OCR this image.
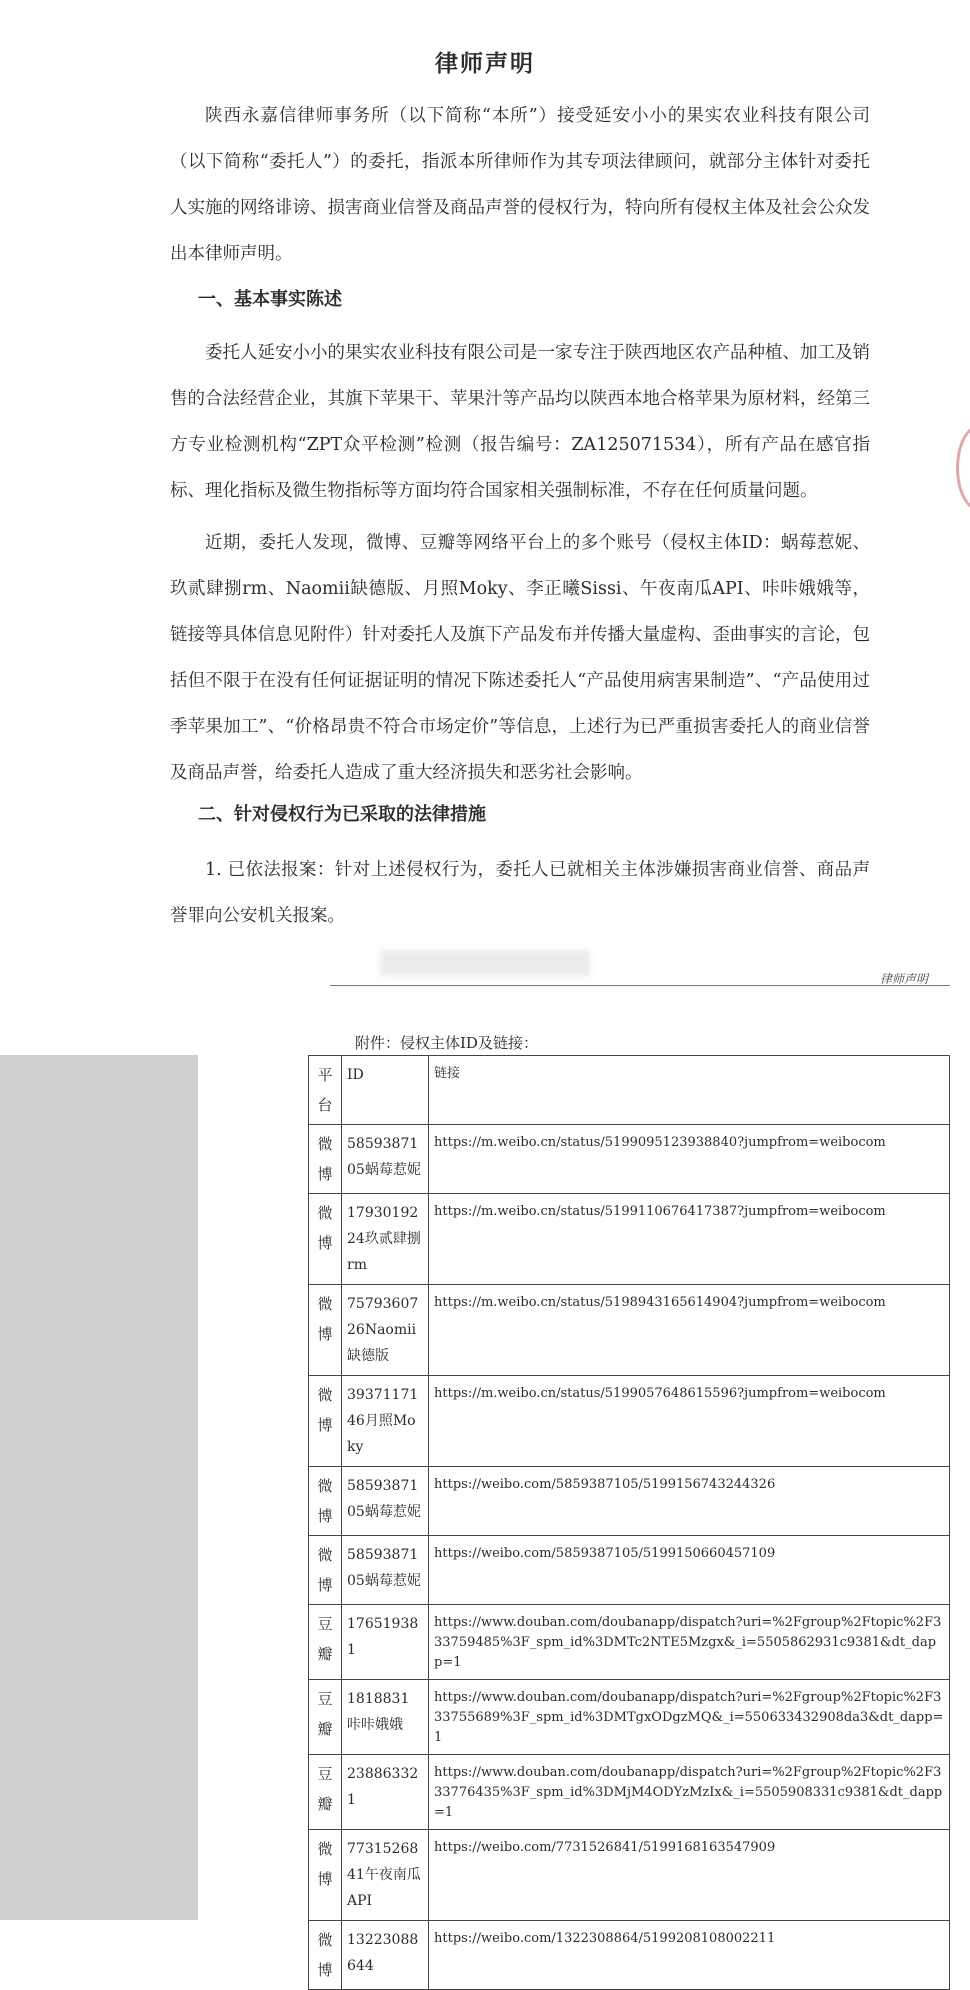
律师声明

陕西永嘉信律师事务所（以下简称“本所”）接受延安小小的果实农业科技有限公司（以下简称“委托人”）的委托，指派本所律师作为其专项法律顾问，就部分主体针对委托人实施的网络诽谤、损害商业信誉及商品声誉的侵权行为，特向所有侵权主体及社会公众发出本律师声明。

一、基本事实陈述

委托人延安小小的果实农业科技有限公司是一家专注于陕西地区农产品种植、加工及销售的合法经营企业，其旗下苹果干、苹果汁等产品均以陕西本地合格苹果为原材料，经第三方专业检测机构“ZPT众平检测”检测（报告编号：ZA125071534），所有产品在感官指标、理化指标及微生物指标等方面均符合国家相关强制标准，不存在任何质量问题。

近期，委托人发现，微博、豆瓣等网络平台上的多个账号（侵权主体ID：蜗莓惹妮、玖贰肆捌rm、Naomii缺德版、月照Moky、李正曦Sissi、午夜南瓜API、咔咔娥娥等，链接等具体信息见附件）针对委托人及旗下产品发布并传播大量虚构、歪曲事实的言论，包括但不限于在没有任何证据证明的情况下陈述委托人“产品使用病害果制造”、“产品使用过季苹果加工”、“价格昂贵不符合市场定价”等信息，上述行为已严重损害委托人的商业信誉及商品声誉，给委托人造成了重大经济损失和恶劣社会影响。

二、针对侵权行为已采取的法律措施

1. 已依法报案：针对上述侵权行为，委托人已就相关主体涉嫌损害商业信誉、商品声誉罪向公安机关报案。

律师声明
附件：侵权主体ID及链接：
平台	ID	链接
微博	5859387105蜗莓惹妮	https://m.weibo.cn/status/5199095123938840?jumpfrom=weibocom
微博	1793019224玖贰肆捌rm	https://m.weibo.cn/status/5199110676417387?jumpfrom=weibocom
微博	7579360726Naomii缺德版	https://m.weibo.cn/status/5198943165614904?jumpfrom=weibocom
微博	3937117146月照Moky	https://m.weibo.cn/status/5199057648615596?jumpfrom=weibocom
微博	5859387105蜗莓惹妮	https://weibo.com/5859387105/5199156743244326
微博	5859387105蜗莓惹妮	https://weibo.com/5859387105/5199150660457109
豆瓣	176519381	https://www.douban.com/doubanapp/dispatch?uri=%2Fgroup%2Ftopic%2F333759485%3F_spm_id%3DMTc2NTE5Mzgx&_i=5505862931c9381&dt_dapp=1
豆瓣	1818831咔咔娥娥	https://www.douban.com/doubanapp/dispatch?uri=%2Fgroup%2Ftopic%2F333755689%3F_spm_id%3DMTgxODgzMQ&_i=550633432908da3&dt_dapp=1
豆瓣	238863321	https://www.douban.com/doubanapp/dispatch?uri=%2Fgroup%2Ftopic%2F333776435%3F_spm_id%3DMjM4ODYzMzIx&_i=5505908331c9381&dt_dapp=1
微博	7731526841午夜南瓜API	https://weibo.com/7731526841/5199168163547909
微博	13223088644	https://weibo.com/1322308864/5199208108002211
